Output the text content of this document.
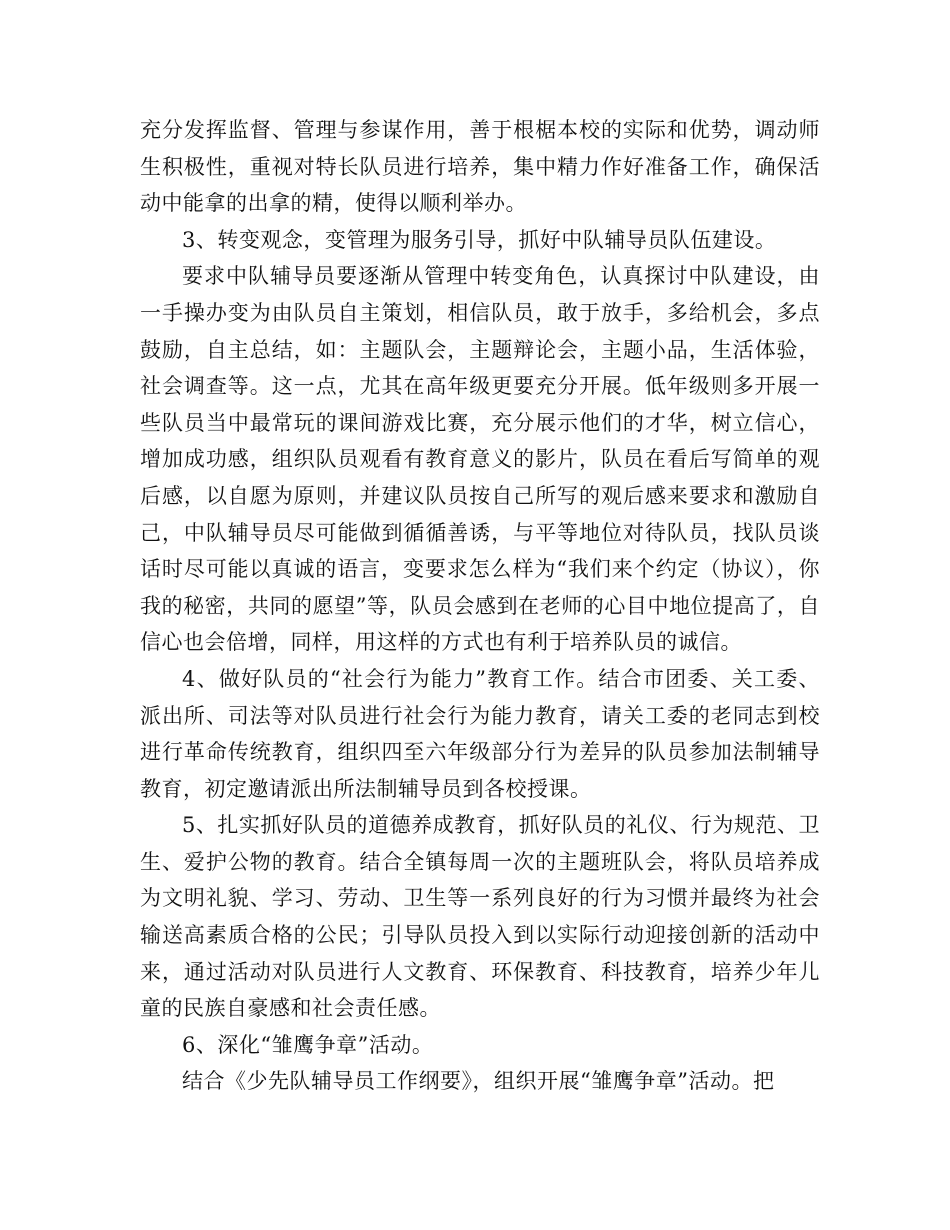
充分发挥监督、管理与参谋作用，善于根椐本校的实际和优势，调动师生积极性，重视对特长队员进行培养，集中精力作好准备工作，确保活动中能拿的出拿的精，使得以顺利举办。

3、转变观念，变管理为服务引导，抓好中队辅导员队伍建设。

要求中队辅导员要逐渐从管理中转变角色，认真探讨中队建设，由一手操办变为由队员自主策划，相信队员，敢于放手，多给机会，多点鼓励，自主总结，如：主题队会，主题辩论会，主题小品，生活体验，社会调查等。这一点，尤其在高年级更要充分开展。低年级则多开展一些队员当中最常玩的课间游戏比赛，充分展示他们的才华，树立信心，增加成功感，组织队员观看有教育意义的影片，队员在看后写简单的观后感，以自愿为原则，并建议队员按自己所写的观后感来要求和激励自己，中队辅导员尽可能做到循循善诱，与平等地位对待队员，找队员谈话时尽可能以真诚的语言，变要求怎么样为“我们来个约定（协议），你我的秘密，共同的愿望”等，队员会感到在老师的心目中地位提高了，自信心也会倍增，同样，用这样的方式也有利于培养队员的诚信。

4、做好队员的“社会行为能力”教育工作。结合市团委、关工委、派出所、司法等对队员进行社会行为能力教育，请关工委的老同志到校进行革命传统教育，组织四至六年级部分行为差异的队员参加法制辅导教育，初定邀请派出所法制辅导员到各校授课。

5、扎实抓好队员的道德养成教育，抓好队员的礼仪、行为规范、卫生、爱护公物的教育。结合全镇每周一次的主题班队会，将队员培养成为文明礼貌、学习、劳动、卫生等一系列良好的行为习惯并最终为社会输送高素质合格的公民；引导队员投入到以实际行动迎接创新的活动中来，通过活动对队员进行人文教育、环保教育、科技教育，培养少年儿童的民族自豪感和社会责任感。

6、深化“雏鹰争章”活动。

结合《少先队辅导员工作纲要》，组织开展“雏鹰争章”活动。把
